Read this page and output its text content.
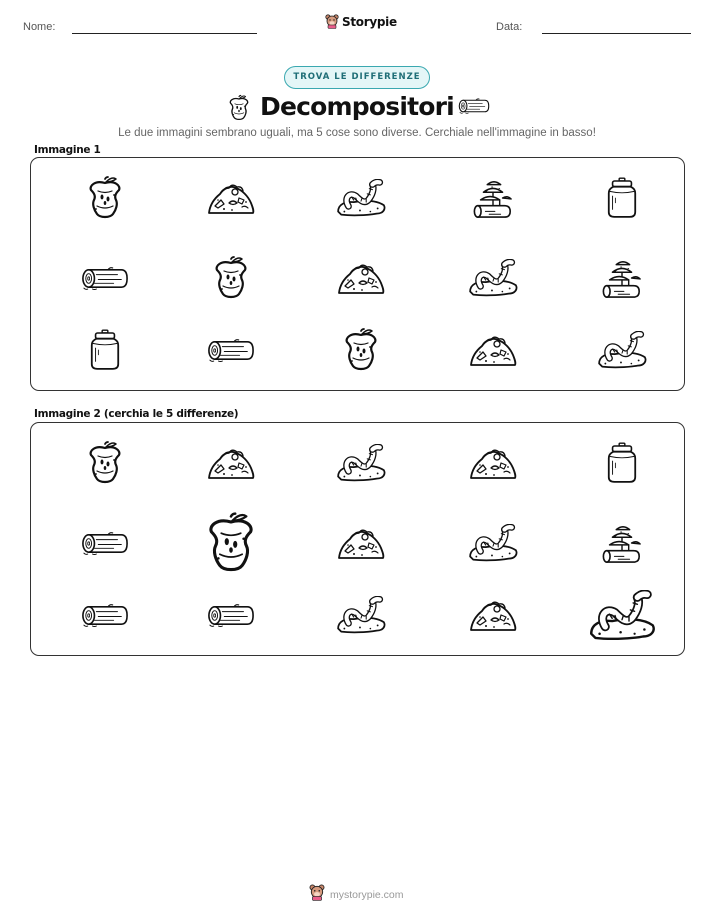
Nome:	Storypie	Data:
TROVA LE DIFFERENZE
Decompositori
Le due immagini sembrano uguali, ma 5 cose sono diverse. Cerchiale nell'immagine in basso!
Immagine 1
Immagine 2 (cerchia le 5 differenze)
mystorypie.com
